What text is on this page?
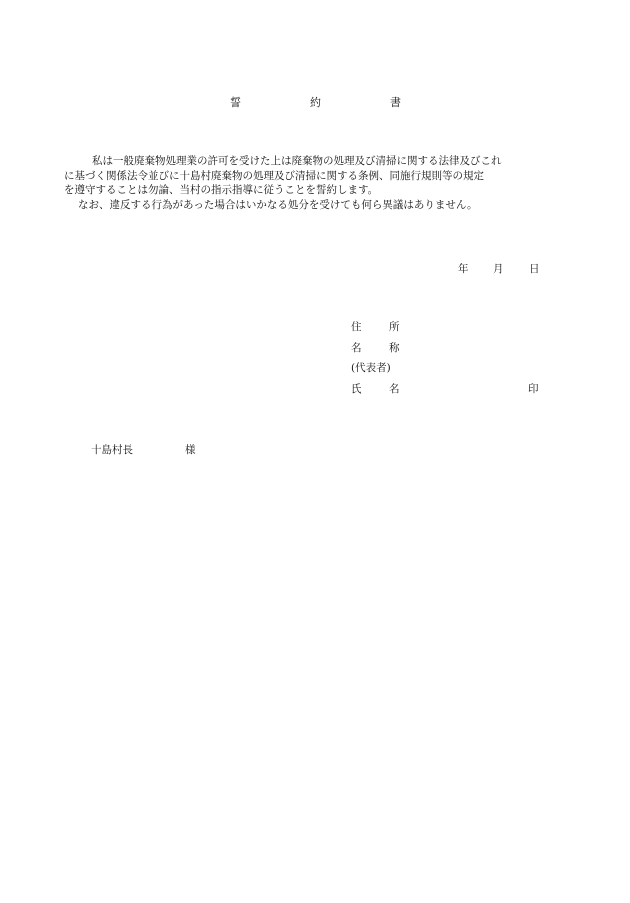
誓	約	書
私は一般廃棄物処理業の許可を受けた上は廃棄物の処理及び清掃に関する法律及びこれ
に基づく関係法令並びに十島村廃棄物の処理及び清掃に関する条例、同施行規則等の規定
を遵守することは勿論、当村の指示指導に従うことを誓約します。
なお、違反する行為があった場合はいかなる処分を受けても何ら異議はありません。
年 月 日
住	所
名	称
(代表者)
氏	名	印
十島村長	様
